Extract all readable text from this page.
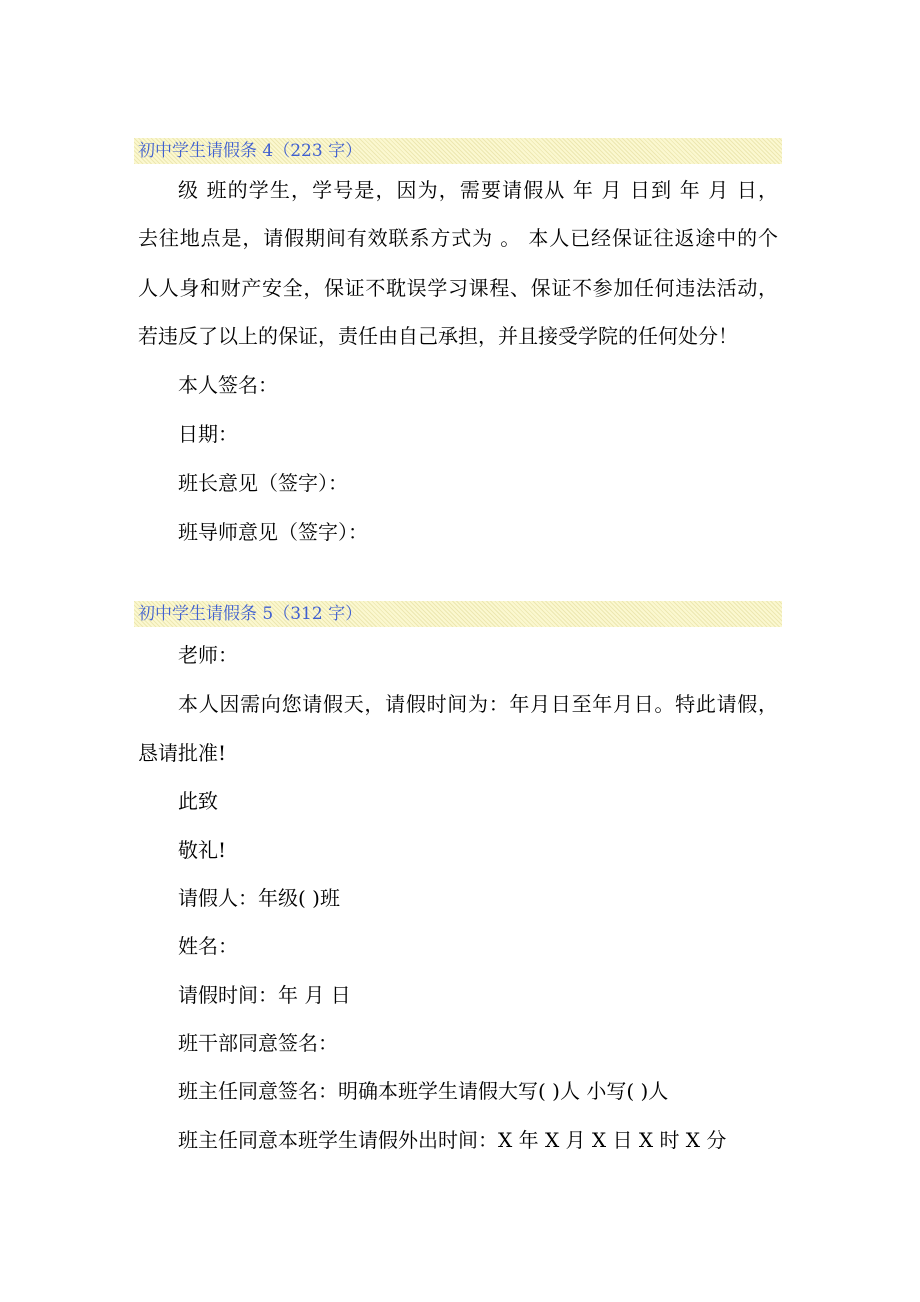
初中学生请假条 4（223 字）
级 班的学生，学号是，因为，需要请假从 年 月 日到 年 月 日，
去往地点是，请假期间有效联系方式为 。 本人已经保证往返途中的个
人人身和财产安全，保证不耽误学习课程、保证不参加任何违法活动，
若违反了以上的保证，责任由自己承担，并且接受学院的任何处分！
本人签名：
日期：
班长意见（签字）：
班导师意见（签字）：
初中学生请假条 5（312 字）
老师：
本人因需向您请假天，请假时间为：年月日至年月日。特此请假，
恳请批准!
此致
敬礼!
请假人：年级( )班
姓名：
请假时间：年 月 日
班干部同意签名：
班主任同意签名：明确本班学生请假大写( )人 小写( )人
班主任同意本班学生请假外出时间：X 年 X 月 X 日 X 时 X 分
